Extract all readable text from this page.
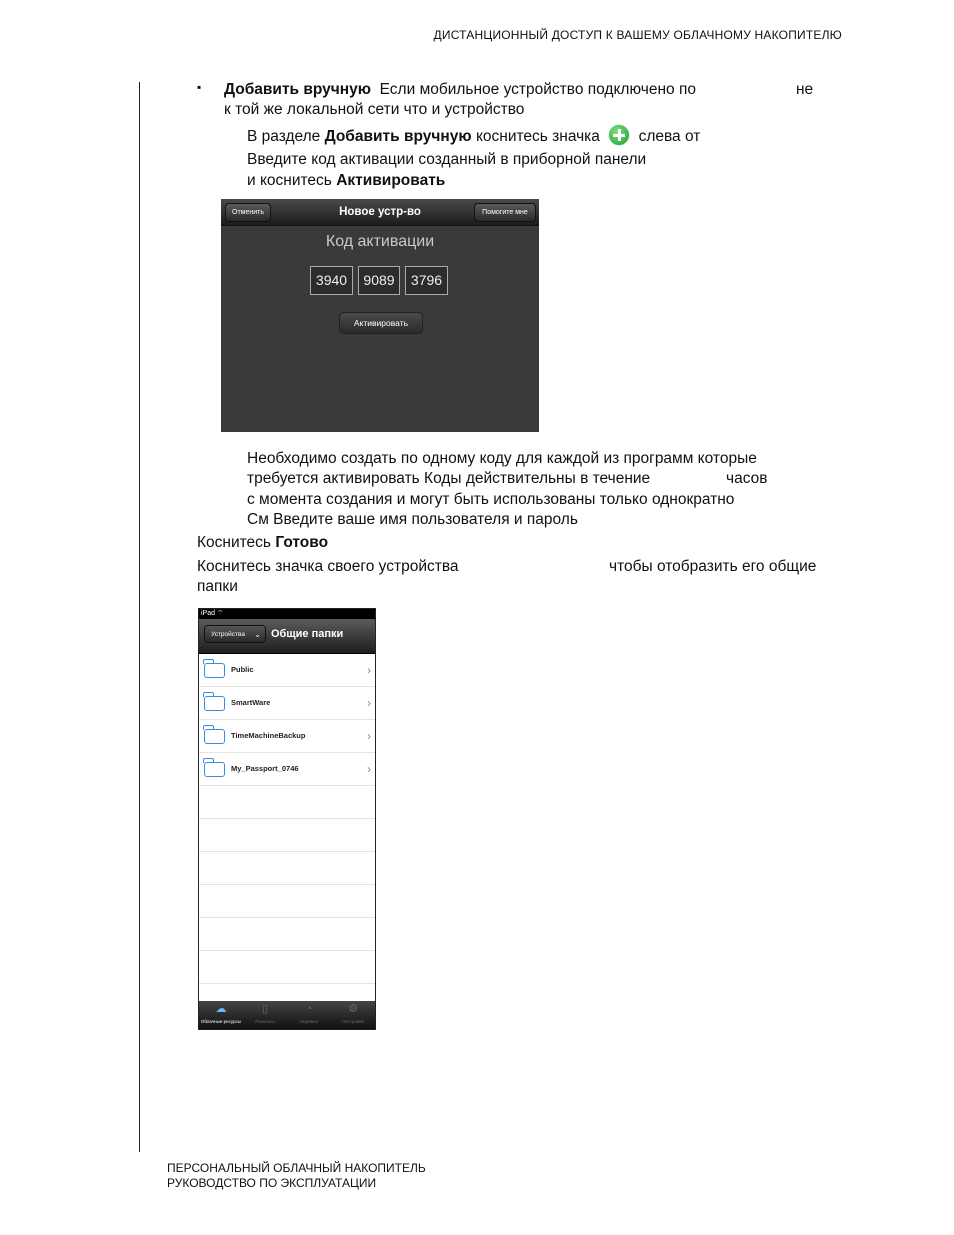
ДИСТАНЦИОННЫЙ ДОСТУП К ВАШЕМУ ОБЛАЧНОМУ НАКОПИТЕЛЮ
▪ Добавить вручную Если мобильное устройство подключено по	не
к той же локальной сети что и устройство
В разделе Добавить вручную коснитесь значка слева от
Введите код активации созданный в приборной панели
и коснитесь Активировать
Отменить	Новое устр-во	Помогите мне
Код активации
3940	9089	3796
Активировать
Необходимо создать по одному коду для каждой из программ которые
требуется активировать Коды действительны в течение	часов
с момента создания и могут быть использованы только однократно
См Введите ваше имя пользователя и пароль
Коснитесь Готово
Коснитесь значка своего устройства	чтобы отобразить его общие
папки
iPad ⌔
Устройства ⌄ Общие папки
Public	›
SmartWare	›
TimeMachineBackup	›
My_Passport_0746	›
☁
Облачные ресурсы
▯
Локально
◔
Недавно
⚙
Настройки
ПЕРСОНАЛЬНЫЙ ОБЛАЧНЫЙ НАКОПИТЕЛЬ
РУКОВОДСТВО ПО ЭКСПЛУАТАЦИИ
